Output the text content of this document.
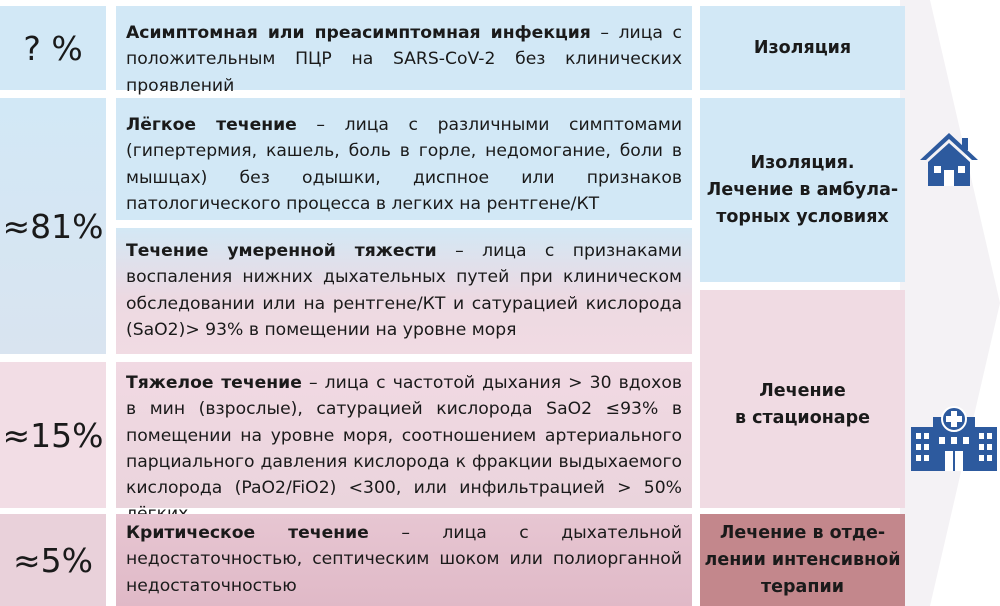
? %	Асимптомная или преасимптомная инфекция – лица с положительным ПЦР на SARS-CoV-2 без клинических проявлений
Изоляция
≈81%
Лёгкое течение – лица с различными симптомами (гипертермия, кашель, боль в горле, недомогание, боли в мышцах) без одышки, диспное или признаков патологического процесса в легких на рентгене/КТ
Течение умеренной тяжести – лица с признаками воспаления нижних дыхательных путей при клиническом обследовании или на рентгене/КТ и сатурацией кислорода (SaO2)> 93% в помещении на уровне моря
Изоляция.
Лечение в амбула-
торных условиях
≈15%
Тяжелое течение – лица с частотой дыхания > 30 вдохов в мин (взрослые), сатурацией кислорода SaO2 ≤93% в помещении на уровне моря, соотношением артериального парциального давления кислорода к фракции выдыхаемого кислорода (PaO2/FiO2) <300, или инфильтрацией > 50%
Лечение
в стационаре
≈5%
Критическое течение – лица с дыхательной недостаточностью, септическим шоком или полиорганной недостаточностью
Лечение в отде-
лении интенсивной
терапии
